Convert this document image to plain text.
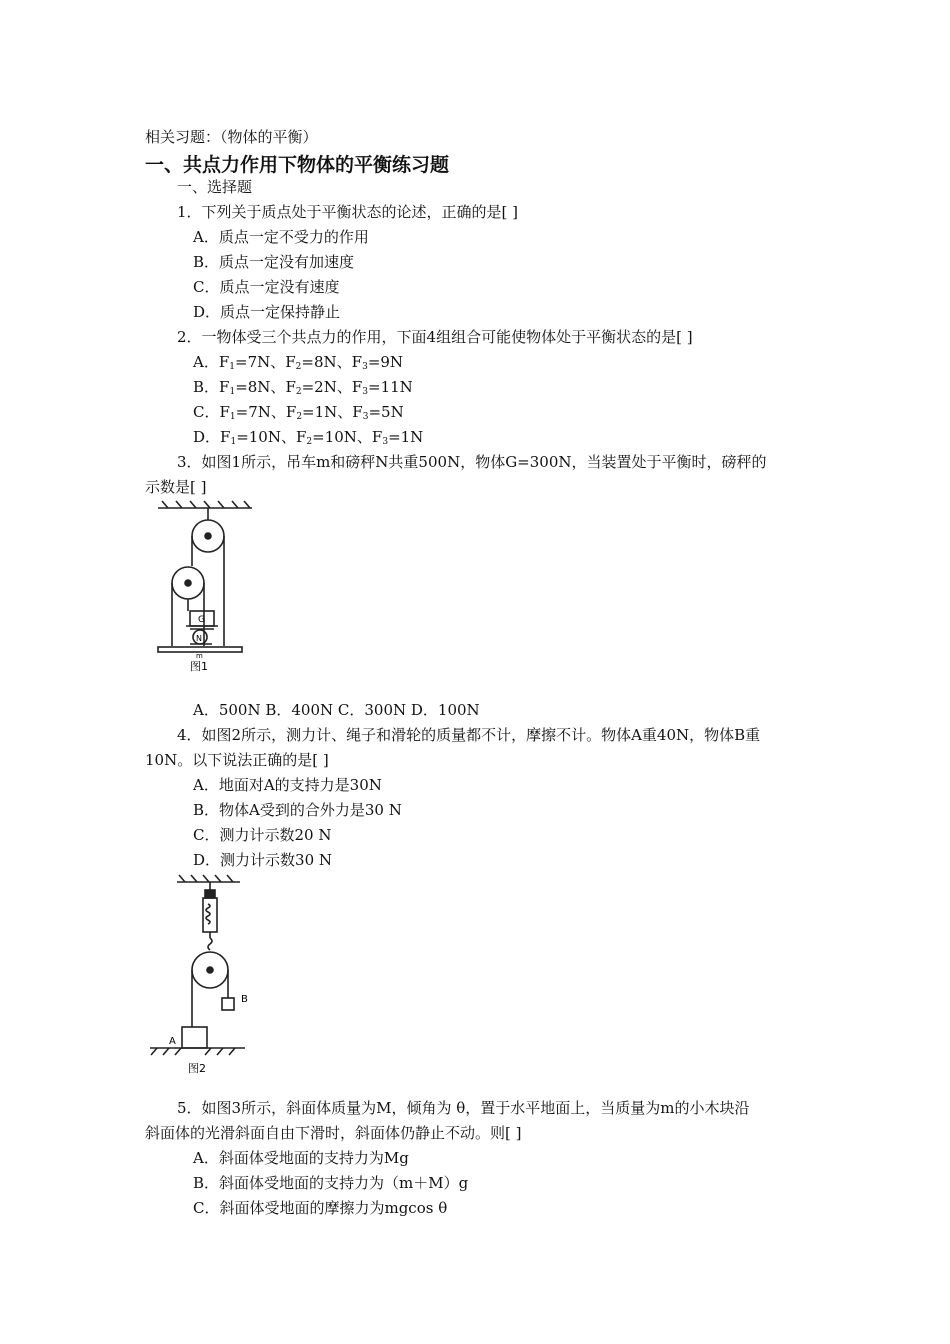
相关习题：（物体的平衡）
一、共点力作用下物体的平衡练习题
一、选择题
1．下列关于质点处于平衡状态的论述，正确的是[ ]
A．质点一定不受力的作用
B．质点一定没有加速度
C．质点一定没有速度
D．质点一定保持静止
2．一物体受三个共点力的作用，下面4组组合可能使物体处于平衡状态的是[ ]
A．$F_1=7N$、$F_2=8N$、$F_3=9N$
B．$F_1=8N$、$F_2=2N$、$F_3=11N$
C．$F_1=7N$、$F_2=1N$、$F_3=5N$
D．$F_1=10N$、$F_2=10N$、$F_3=1N$
3．如图1所示，吊车m和磅秤N共重500N，物体G=300N，当装置处于平衡时，磅秤的
示数是[ ]
G
N
m
图1
A．500N B．400N C．300N D．100N
4．如图2所示，测力计、绳子和滑轮的质量都不计，摩擦不计。物体A重40N，物体B重
10N。以下说法正确的是[ ]
A．地面对A的支持力是30N
B．物体A受到的合外力是30 N
C．测力计示数20 N
D．测力计示数30 N
B
A
图2
5．如图3所示，斜面体质量为M，倾角为 θ，置于水平地面上，当质量为m的小木块沿
斜面体的光滑斜面自由下滑时，斜面体仍静止不动。则[ ]
A．斜面体受地面的支持力为Mg
B．斜面体受地面的支持力为（m＋M）g
C．斜面体受地面的摩擦力为mgcos θ
